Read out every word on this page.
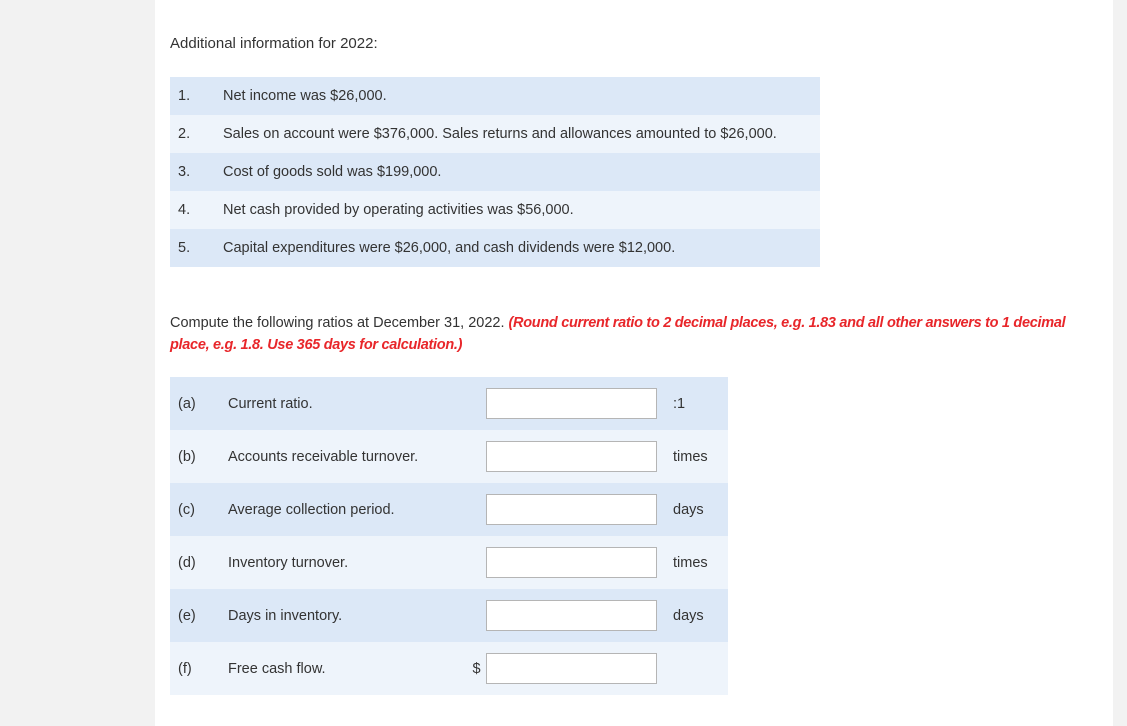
Additional information for 2022:
1.	Net income was $26,000.
2.	Sales on account were $376,000. Sales returns and allowances amounted to $26,000.
3.	Cost of goods sold was $199,000.
4.	Net cash provided by operating activities was $56,000.
5.	Capital expenditures were $26,000, and cash dividends were $12,000.
Compute the following ratios at December 31, 2022. (Round current ratio to 2 decimal places, e.g. 1.83 and all other answers to 1 decimal place, e.g. 1.8. Use 365 days for calculation.)
(a)	Current ratio.			:1
(b)	Accounts receivable turnover.			times
(c)	Average collection period.			days
(d)	Inventory turnover.			times
(e)	Days in inventory.			days
(f)	Free cash flow.	$	
